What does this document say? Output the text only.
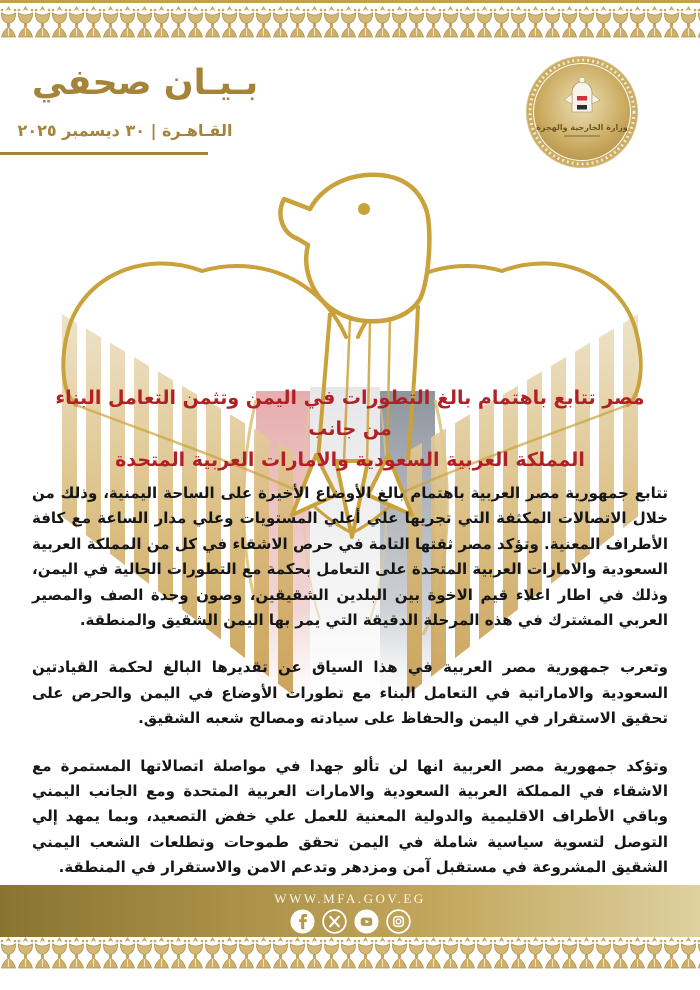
بـيـان صحفي
القـاهـرة | ٣٠ ديسمبر ٢٠٢٥	وزارة الخارجية والهجرة
مصر تتابع باهتمام بالغ التطورات في اليمن وتثمن التعامل البناء من جانب
المملكة العربية السعودية والامارات العربية المتحدة

تتابع جمهورية مصر العربية باهتمام بالغ الأوضاع الأخيرة على الساحة اليمنية، وذلك من خلال الاتصالات المكثفة التي تجريها علي أعلي المستويات وعلي مدار الساعة مع كافة الأطراف المعنية. وتؤكد مصر ثقتها التامة في حرص الاشقاء في كل من المملكة العربية السعودية والامارات العربية المتحدة على التعامل بحكمة مع التطورات الحالية في اليمن، وذلك في اطار اعلاء قيم الاخوة بين البلدين الشقيقين، وصون وحدة الصف والمصير العربي المشترك في هذه المرحلة الدقيقة التي يمر بها اليمن الشقيق والمنطقة.

وتعرب جمهورية مصر العربية في هذا السياق عن تقديرها البالغ لحكمة القيادتين السعودية والاماراتية في التعامل البناء مع تطورات الأوضاع في اليمن والحرص على تحقيق الاستقرار في اليمن والحفاظ على سيادته ومصالح شعبه الشقيق.

وتؤكد جمهورية مصر العربية انها لن تألو جهدا في مواصلة اتصالاتها المستمرة مع الاشقاء في المملكة العربية السعودية والامارات العربية المتحدة ومع الجانب اليمني وباقي الأطراف الاقليمية والدولية المعنية للعمل علي خفض التصعيد، وبما يمهد إلي التوصل لتسوية سياسية شاملة في اليمن تحقق طموحات وتطلعات الشعب اليمني الشقيق المشروعة في مستقبل آمن ومزدهر وتدعم الامن والاستقرار في المنطقة.

WWW.MFA.GOV.EG
